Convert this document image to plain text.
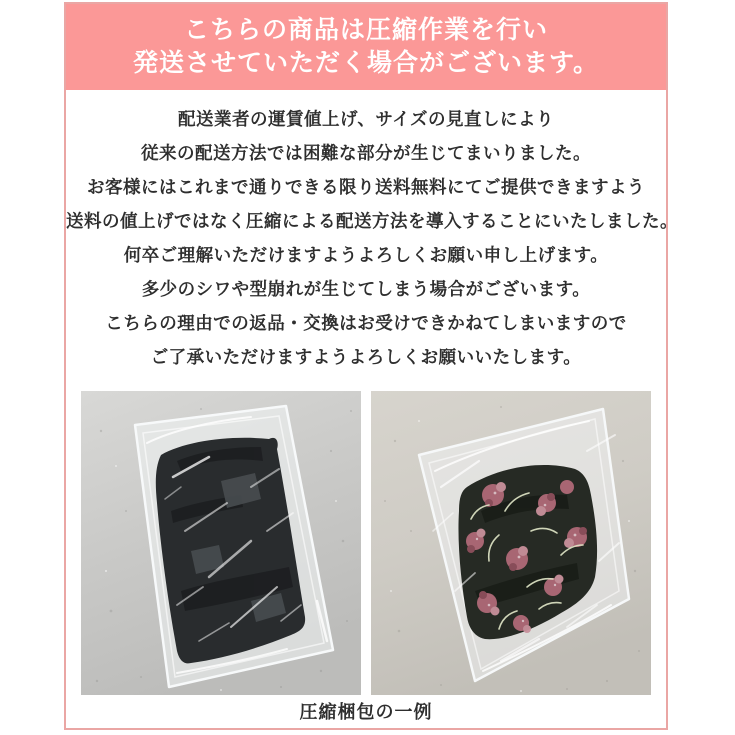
こちらの商品は圧縮作業を行い
発送させていただく場合がございます。

配送業者の運賃値上げ、サイズの見直しにより

従来の配送方法では困難な部分が生じてまいりました。

お客様にはこれまで通りできる限り送料無料にてご提供できますよう

送料の値上げではなく圧縮による配送方法を導入することにいたしました。

何卒ご理解いただけますようよろしくお願い申し上げます。

多少のシワや型崩れが生じてしまう場合がございます。

こちらの理由での返品・交換はお受けできかねてしまいますので

ご了承いただけますようよろしくお願いいたします。

圧縮梱包の一例
